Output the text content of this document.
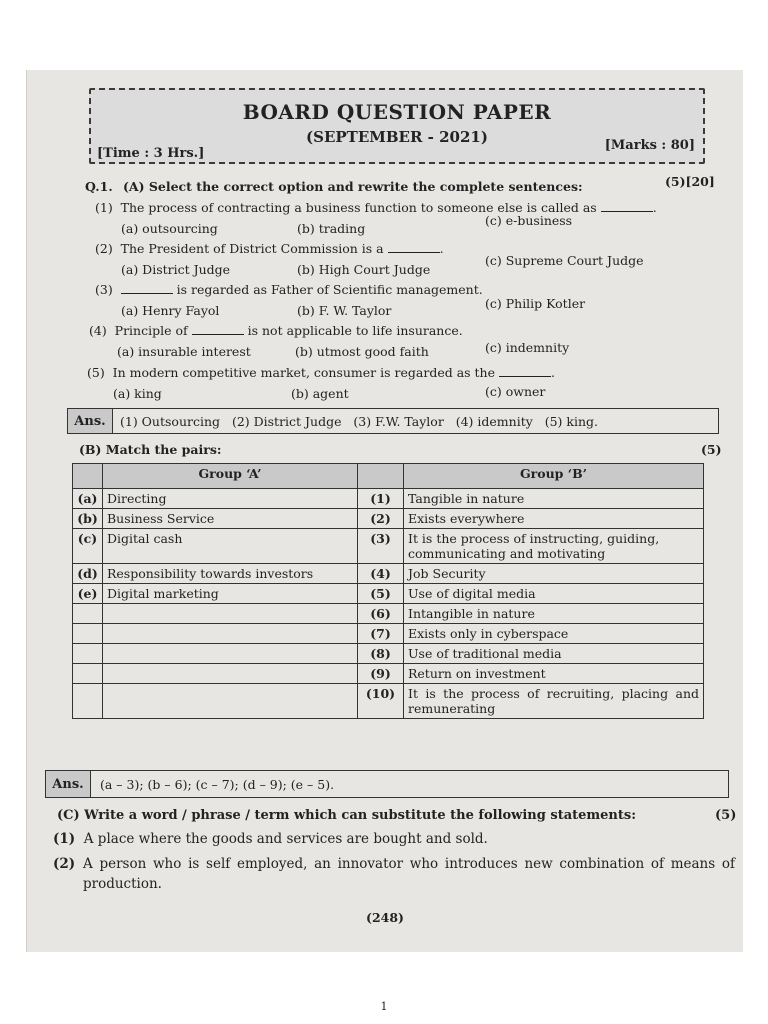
BOARD QUESTION PAPER
(SEPTEMBER - 2021)
[Time : 3 Hrs.]
[Marks : 80]
Q.1. (A) Select the correct option and rewrite the complete sentences:	(5)[20]
(1) The process of contracting a business function to someone else is called as	.
(a) outsourcing	(b) trading
(c) e-business
(2) The President of District Commission is a	.
(a) District Judge	(b) High Court Judge
(c) Supreme Court Judge
(3)	is regarded as Father of Scientific management.
(a) Henry Fayol	(b) F. W. Taylor	(c) Philip Kotler
(4) Principle of	is not applicable to life insurance.
(a) insurable interest	(b) utmost good faith	(c) indemnity
(5) In modern competitive market, consumer is regarded as the	.
(a) king	(b) agent	(c) owner
Ans.	(1) Outsourcing   (2) District Judge   (3) F.W. Taylor   (4) idemnity   (5) king.
(B) Match the pairs:	(5)
	Group ‘A’		Group ‘B’
(a)	Directing	(1)	Tangible in nature
(b)	Business Service	(2)	Exists everywhere
(c)	Digital cash	(3)	It is the process of instructing, guiding, communicating and motivating
(d)	Responsibility towards investors	(4)	Job Security
(e)	Digital marketing	(5)	Use of digital media
		(6)	Intangible in nature
		(7)	Exists only in cyberspace
		(8)	Use of traditional media
		(9)	Return on investment
		(10)	It is the process of recruiting, placing and remunerating
Ans.	(a – 3); (b – 6); (c – 7); (d – 9); (e – 5).
(C) Write a word / phrase / term which can substitute the following statements:	(5)
(1) A place where the goods and services are bought and sold.
(2) A person who is self employed, an innovator who introduces new combination of means of production.
(248)
1
